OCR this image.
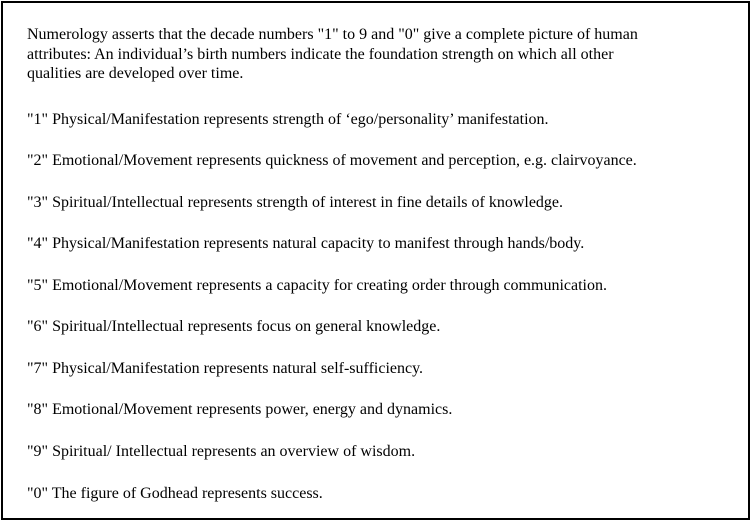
Numerology asserts that the decade numbers "1" to 9 and "0" give a complete picture of human
attributes: An individual’s birth numbers indicate the foundation strength on which all other
qualities are developed over time.

"1" Physical/Manifestation represents strength of ‘ego/personality’ manifestation.

"2" Emotional/Movement represents quickness of movement and perception, e.g. clairvoyance.

"3" Spiritual/Intellectual represents strength of interest in fine details of knowledge.

"4" Physical/Manifestation represents natural capacity to manifest through hands/body.

"5" Emotional/Movement represents a capacity for creating order through communication.

"6" Spiritual/Intellectual represents focus on general knowledge.

"7" Physical/Manifestation represents natural self-sufficiency.

"8" Emotional/Movement represents power, energy and dynamics.

"9" Spiritual/ Intellectual represents an overview of wisdom.

"0" The figure of Godhead represents success.
